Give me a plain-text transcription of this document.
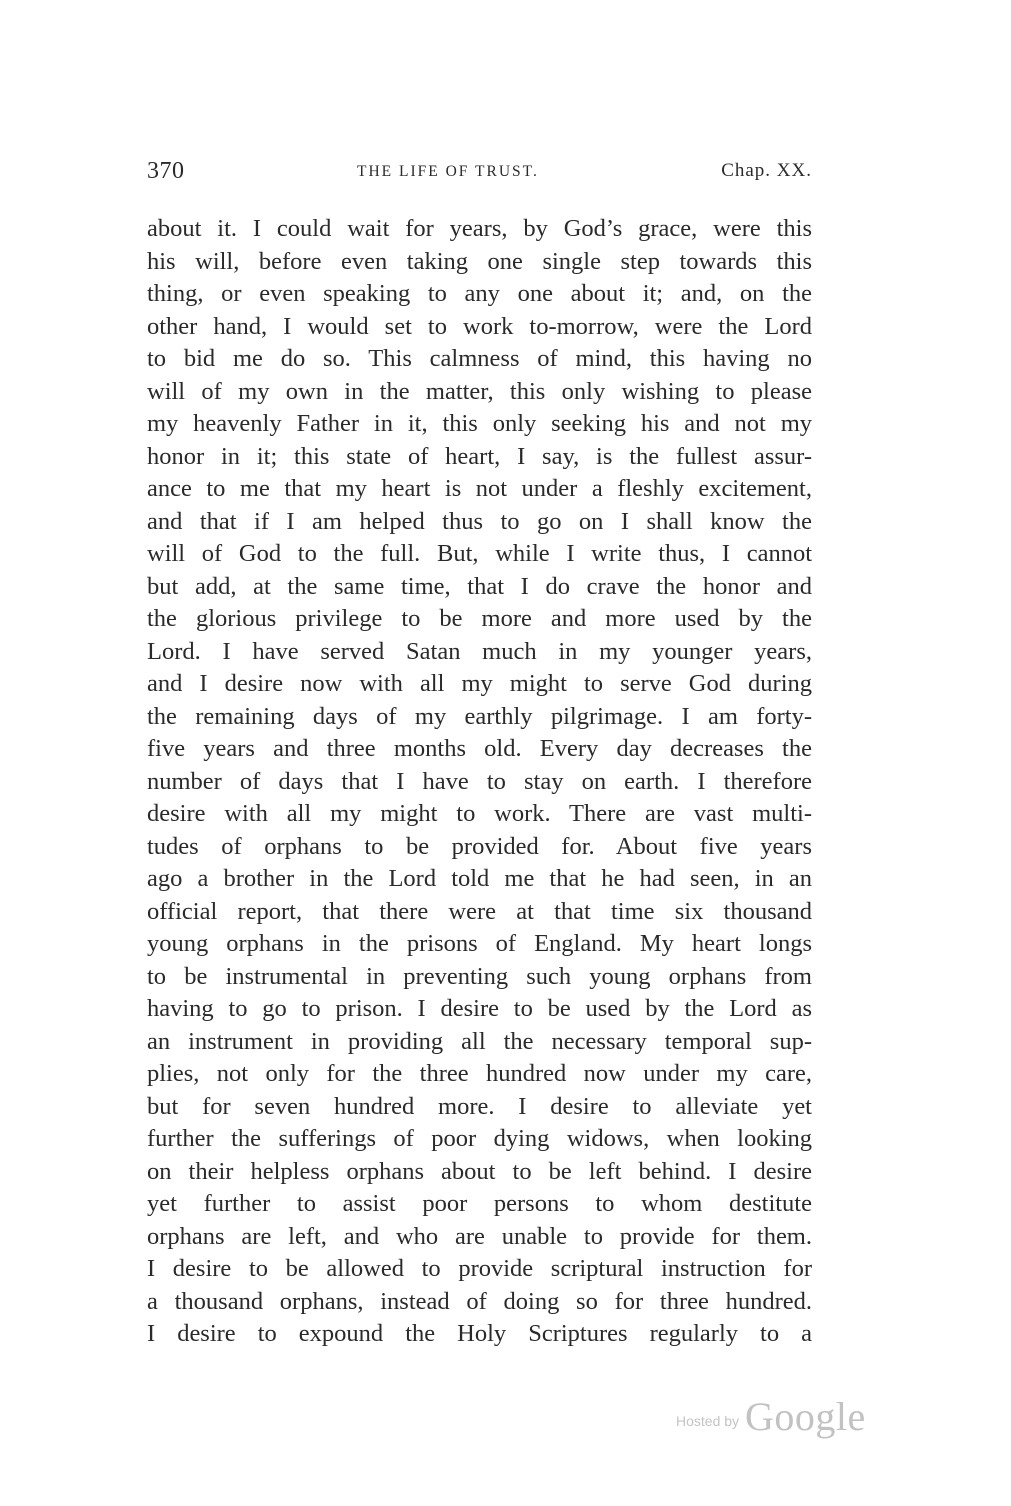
370	THE LIFE OF TRUST.	Chap. XX.
about it. I could wait for years, by God’s grace, were this
his will, before even taking one single step towards this
thing, or even speaking to any one about it; and, on the
other hand, I would set to work to-morrow, were the Lord
to bid me do so. This calmness of mind, this having no
will of my own in the matter, this only wishing to please
my heavenly Father in it, this only seeking his and not my
honor in it; this state of heart, I say, is the fullest assur-
ance to me that my heart is not under a fleshly excitement,
and that if I am helped thus to go on I shall know the
will of God to the full. But, while I write thus, I cannot
but add, at the same time, that I do crave the honor and
the glorious privilege to be more and more used by the
Lord. I have served Satan much in my younger years,
and I desire now with all my might to serve God during
the remaining days of my earthly pilgrimage. I am forty-
five years and three months old. Every day decreases the
number of days that I have to stay on earth. I therefore
desire with all my might to work. There are vast multi-
tudes of orphans to be provided for. About five years
ago a brother in the Lord told me that he had seen, in an
official report, that there were at that time six thousand
young orphans in the prisons of England. My heart longs
to be instrumental in preventing such young orphans from
having to go to prison. I desire to be used by the Lord as
an instrument in providing all the necessary temporal sup-
plies, not only for the three hundred now under my care,
but for seven hundred more. I desire to alleviate yet
further the sufferings of poor dying widows, when looking
on their helpless orphans about to be left behind. I desire
yet further to assist poor persons to whom destitute
orphans are left, and who are unable to provide for them.
I desire to be allowed to provide scriptural instruction for
a thousand orphans, instead of doing so for three hundred.
I desire to expound the Holy Scriptures regularly to a
Hosted by Google
